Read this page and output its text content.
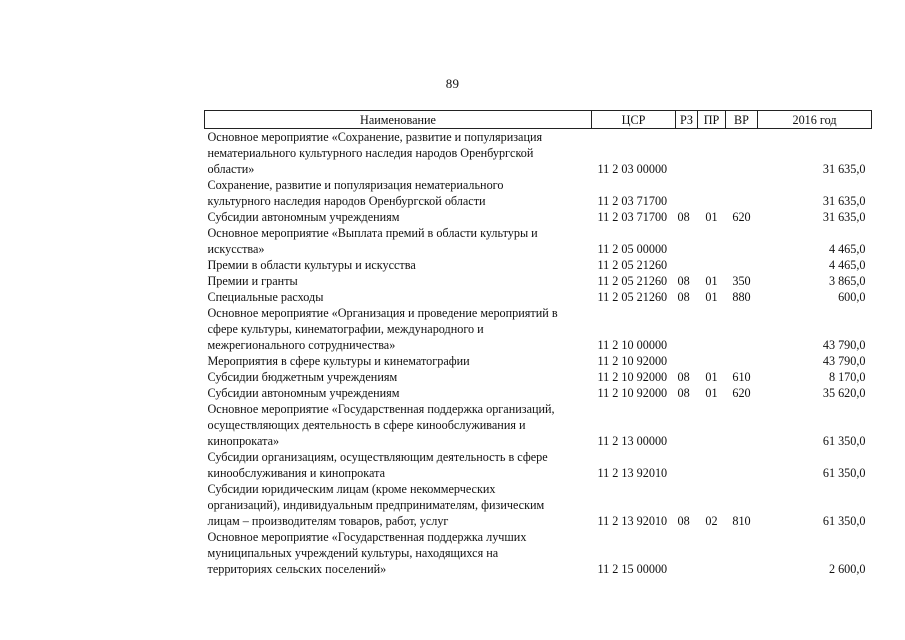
89
Наименование	ЦСР	РЗ	ПР	ВР	2016 год

Основное мероприятие «Сохранение, развитие и популяризация
нематериального культурного наследия народов Оренбургской
области»	11 2 03 00000				31 635,0

Сохранение, развитие и популяризация нематериального
культурного наследия народов Оренбургской области	11 2 03 71700				31 635,0

Субсидии автономным учреждениям	11 2 03 71700	08	01	620	31 635,0

Основное мероприятие «Выплата премий в области культуры и
искусства»	11 2 05 00000				4 465,0

Премии в области культуры и искусства	11 2 05 21260				4 465,0

Премии и гранты	11 2 05 21260	08	01	350	3 865,0

Специальные расходы	11 2 05 21260	08	01	880	600,0

Основное мероприятие «Организация и проведение мероприятий в
сфере культуры, кинематографии, международного и
межрегионального сотрудничества»	11 2 10 00000				43 790,0

Мероприятия в сфере культуры и кинематографии	11 2 10 92000				43 790,0

Субсидии бюджетным учреждениям	11 2 10 92000	08	01	610	8 170,0

Субсидии автономным учреждениям	11 2 10 92000	08	01	620	35 620,0

Основное мероприятие «Государственная поддержка организаций,
осуществляющих деятельность в сфере кинообслуживания и
кинопроката»	11 2 13 00000				61 350,0

Субсидии организациям, осуществляющим деятельность в сфере
кинообслуживания и кинопроката	11 2 13 92010				61 350,0

Субсидии юридическим лицам (кроме некоммерческих
организаций), индивидуальным предпринимателям, физическим
лицам – производителям товаров, работ, услуг	11 2 13 92010	08	02	810	61 350,0

Основное мероприятие «Государственная поддержка лучших
муниципальных учреждений культуры, находящихся на
территориях сельских поселений»	11 2 15 00000				2 600,0
